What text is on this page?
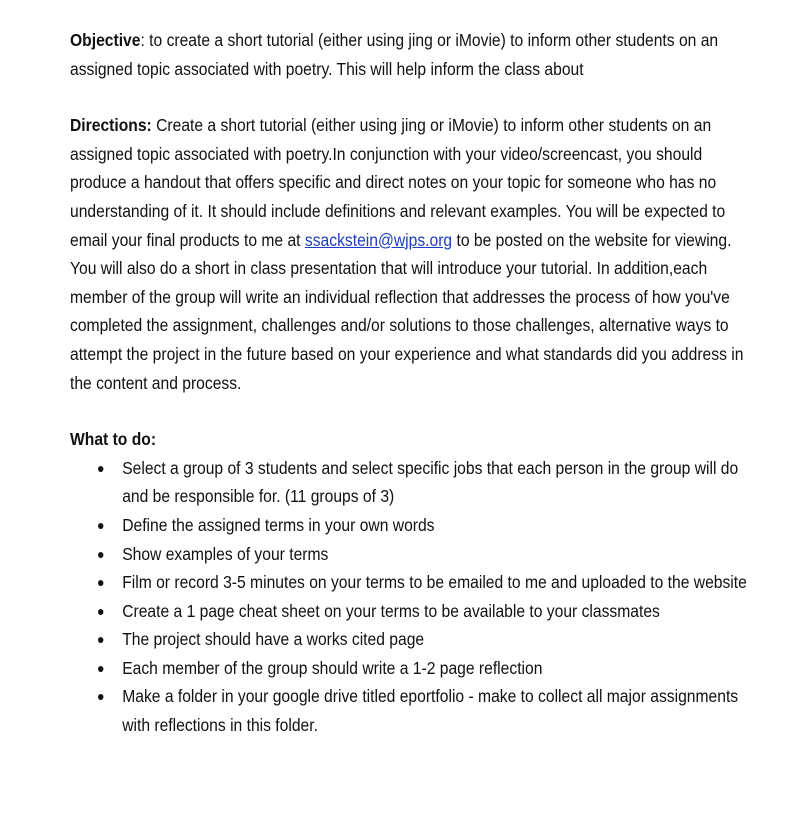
Objective: to create a short tutorial (either using jing or iMovie) to inform other students on an assigned topic associated with poetry. This will help inform the class about

Directions: Create a short tutorial (either using jing or iMovie) to inform other students on an assigned topic associated with poetry.In conjunction with your video/screencast, you should produce a handout that offers specific and direct notes on your topic for someone who has no understanding of it. It should include definitions and relevant examples. You will be expected to email your final products to me at ssackstein@wjps.org to be posted on the website for viewing. You will also do a short in class presentation that will introduce your tutorial. In addition,each member of the group will write an individual reflection that addresses the process of how you've completed the assignment, challenges and/or solutions to those challenges, alternative ways to attempt the project in the future based on your experience and what standards did you address in the content and process.

What to do:

● Select a group of 3 students and select specific jobs that each person in the group will do and be responsible for. (11 groups of 3)
● Define the assigned terms in your own words
● Show examples of your terms
● Film or record 3-5 minutes on your terms to be emailed to me and uploaded to the website
● Create a 1 page cheat sheet on your terms to be available to your classmates
● The project should have a works cited page
● Each member of the group should write a 1-2 page reflection
● Make a folder in your google drive titled eportfolio - make to collect all major assignments with reflections in this folder.
